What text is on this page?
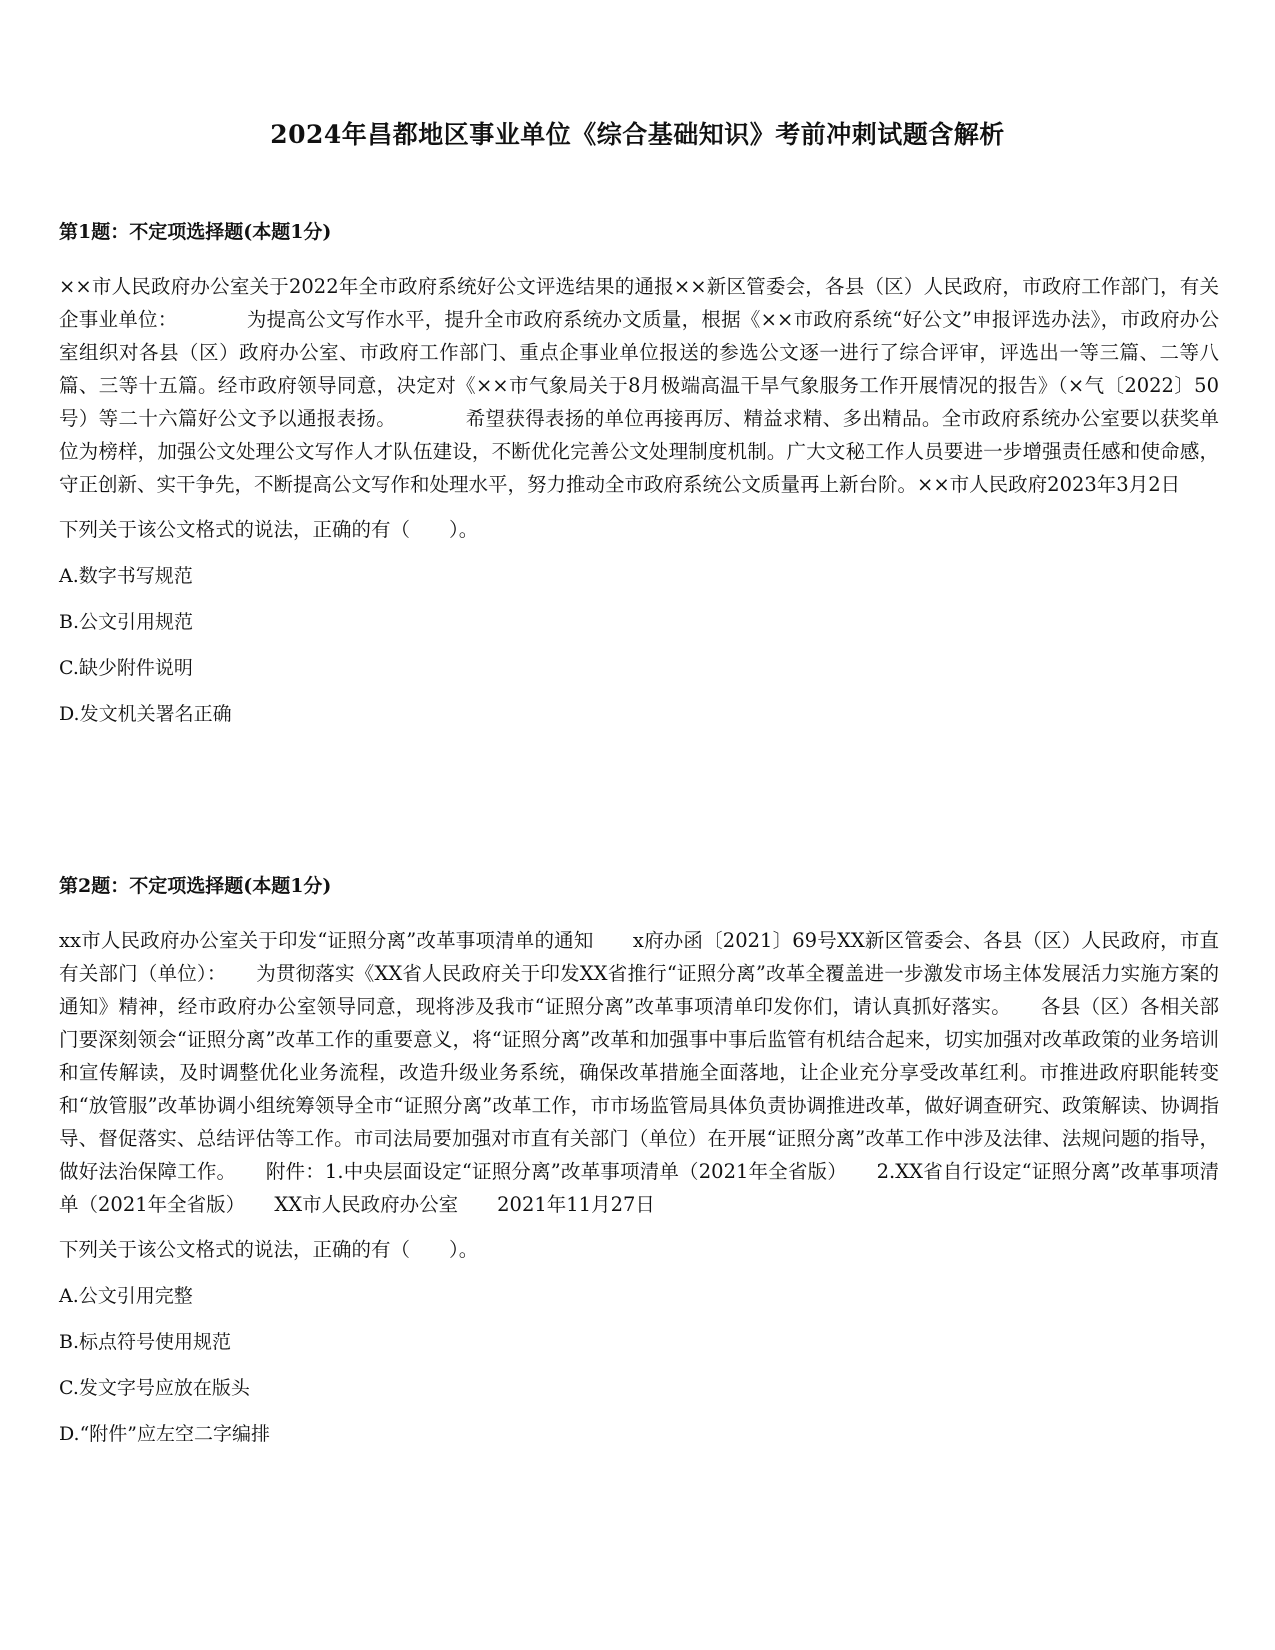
2024年昌都地区事业单位《综合基础知识》考前冲刺试题含解析
第1题：不定项选择题(本题1分)

××市人民政府办公室关于2022年全市政府系统好公文评选结果的通报××新区管委会，各县（区）人民政府，市政府工作部门，有关企事业单位：　　　　为提高公文写作水平，提升全市政府系统办文质量，根据《××市政府系统“好公文”申报评选办法》，市政府办公室组织对各县（区）政府办公室、市政府工作部门、重点企事业单位报送的参选公文逐一进行了综合评审，评选出一等三篇、二等八篇、三等十五篇。经市政府领导同意，决定对《××市气象局关于8月极端高温干旱气象服务工作开展情况的报告》（×气〔2022〕50号）等二十六篇好公文予以通报表扬。　　　　希望获得表扬的单位再接再厉、精益求精、多出精品。全市政府系统办公室要以获奖单位为榜样，加强公文处理公文写作人才队伍建设，不断优化完善公文处理制度机制。广大文秘工作人员要进一步增强责任感和使命感，守正创新、实干争先，不断提高公文写作和处理水平，努力推动全市政府系统公文质量再上新台阶。××市人民政府2023年3月2日

下列关于该公文格式的说法，正确的有（　　）。

A.数字书写规范
B.公文引用规范
C.缺少附件说明
D.发文机关署名正确
第2题：不定项选择题(本题1分)

xx市人民政府办公室关于印发“证照分离”改革事项清单的通知　　x府办函〔2021〕69号XX新区管委会、各县（区）人民政府，市直有关部门（单位）：　　为贯彻落实《XX省人民政府关于印发XX省推行“证照分离”改革全覆盖进一步激发市场主体发展活力实施方案的通知》精神，经市政府办公室领导同意，现将涉及我市“证照分离”改革事项清单印发你们，请认真抓好落实。　　各县（区）各相关部门要深刻领会“证照分离”改革工作的重要意义，将“证照分离”改革和加强事中事后监管有机结合起来，切实加强对改革政策的业务培训和宣传解读，及时调整优化业务流程，改造升级业务系统，确保改革措施全面落地，让企业充分享受改革红利。市推进政府职能转变和“放管服”改革协调小组统筹领导全市“证照分离”改革工作，市市场监管局具体负责协调推进改革，做好调查研究、政策解读、协调指导、督促落实、总结评估等工作。市司法局要加强对市直有关部门（单位）在开展“证照分离”改革工作中涉及法律、法规问题的指导，做好法治保障工作。　　附件：1.中央层面设定“证照分离”改革事项清单（2021年全省版）　　2.XX省自行设定“证照分离”改革事项清单（2021年全省版）　　XX市人民政府办公室　　2021年11月27日

下列关于该公文格式的说法，正确的有（　　）。

A.公文引用完整
B.标点符号使用规范
C.发文字号应放在版头
D.“附件”应左空二字编排
